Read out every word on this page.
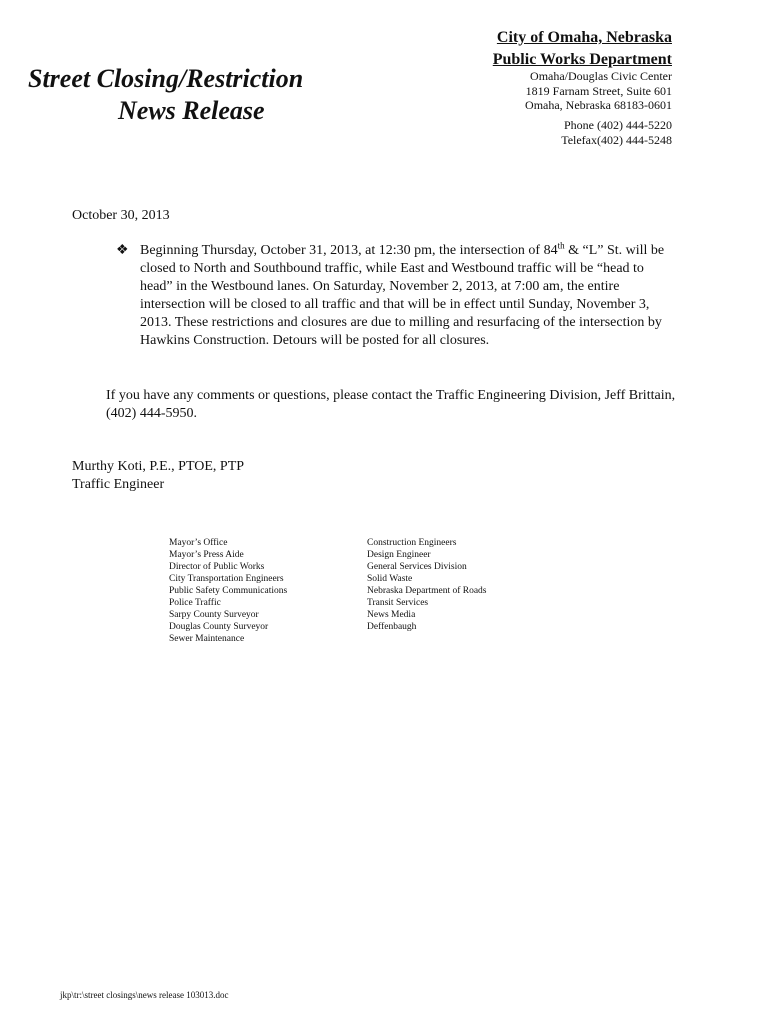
Street Closing/Restriction
News Release
City of Omaha, Nebraska
Public Works Department
Omaha/Douglas Civic Center
1819 Farnam Street, Suite 601
Omaha, Nebraska 68183-0601
Phone (402) 444-5220
Telefax(402) 444-5248
October 30, 2013
❖ Beginning Thursday, October 31, 2013, at 12:30 pm, the intersection of 84th & “L” St. will be closed to North and Southbound traffic, while East and Westbound traffic will be “head to head” in the Westbound lanes. On Saturday, November 2, 2013, at 7:00 am, the entire intersection will be closed to all traffic and that will be in effect until Sunday, November 3, 2013. These restrictions and closures are due to milling and resurfacing of the intersection by Hawkins Construction. Detours will be posted for all closures.
If you have any comments or questions, please contact the Traffic Engineering Division, Jeff Brittain, (402) 444-5950.
Murthy Koti, P.E., PTOE, PTP
Traffic Engineer
Mayor’s Office
Mayor’s Press Aide
Director of Public Works
City Transportation Engineers
Public Safety Communications
Police Traffic
Sarpy County Surveyor
Douglas County Surveyor
Sewer Maintenance
Construction Engineers
Design Engineer
General Services Division
Solid Waste
Nebraska Department of Roads
Transit Services
News Media
Deffenbaugh
jkp\tr:\street closings\news release 103013.doc
